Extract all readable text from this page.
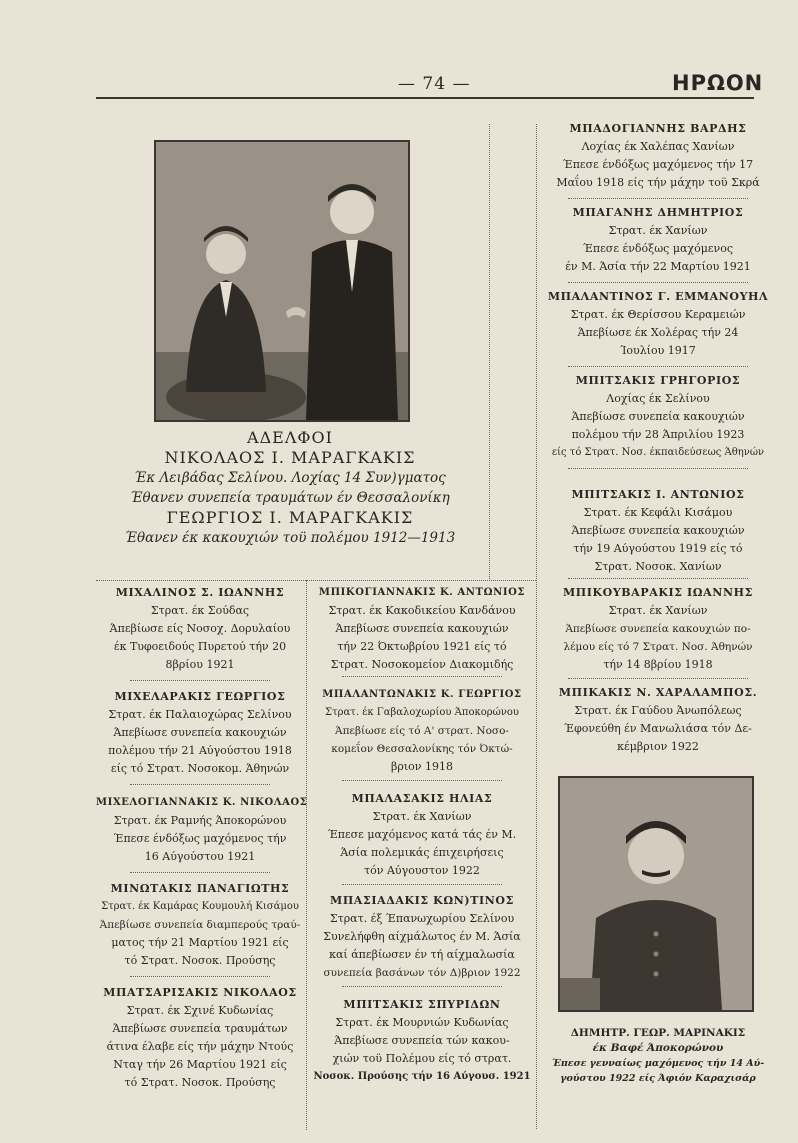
— 74 —	ΗΡΩΟΝ
ΑΔΕΛΦΟΙ
ΝΙΚΟΛΑΟΣ Ι. ΜΑΡΑΓΚΑΚΙΣ
Έκ Λειβάδας Σελίνου. Λοχίας 14 Συν)γματος
Έθανεν συνεπεία τραυμάτων έν Θεσσαλονίκη
ΓΕΩΡΓΙΟΣ Ι. ΜΑΡΑΓΚΑΚΙΣ
Έθανεν έκ κακουχιών τοϋ πολέμου 1912—1913
ΜΠΑΔΟΓΙΑΝΝΗΣ ΒΑΡΔΗΣ
Λοχίας έκ Χαλέπας Χανίων
Έπεσε ένδόξως μαχόμενος τήν 17
Μαΐου 1918 είς τήν μάχην τοϋ Σκρά
ΜΠΑΓΑΝΗΣ ΔΗΜΗΤΡΙΟΣ
Στρατ. έκ Χανίων
Έπεσε ένδόξως μαχόμενος
έν Μ. Άσία τήν 22 Μαρτίου 1921
ΜΠΑΛΑΝΤΙΝΟΣ Γ. ΕΜΜΑΝΟΥΗΛ
Στρατ. έκ Θερίσσου Κεραμειών
Άπεβίωσε έκ Χολέρας τήν 24
Ίουλίου 1917
ΜΠΙΤΣΑΚΙΣ ΓΡΗΓΟΡΙΟΣ
Λοχίας έκ Σελίνου
Άπεβίωσε συνεπεία κακουχιών
πολέμου τήν 28 Άπριλίου 1923
είς τό Στρατ. Νοσ. έκπαιδεύσεως Άθηνών
ΜΠΙΤΣΑΚΙΣ Ι. ΑΝΤΩΝΙΟΣ
Στρατ. έκ Κεφάλι Κισάμου
Άπεβίωσε συνεπεία κακουχιών
τήν 19 Αύγούστου 1919 είς τό
Στρατ. Νοσοκ. Χανίων
ΜΠΙΚΟΥΒΑΡΑΚΙΣ ΙΩΑΝΝΗΣ
Στρατ. έκ Χανίων
Άπεβίωσε συνεπεία κακουχιών πο-
λέμου είς τό 7 Στρατ. Νοσ. Άθηνών
τήν 14 8βρίου 1918
ΜΠΙΚΑΚΙΣ Ν. ΧΑΡΑΛΑΜΠΟΣ.
Στρατ. έκ Γαύδου Άνωπόλεως
Έφονεύθη έν Μανωλιάσα τόν Δε-
κέμβριον 1922
ΔΗΜΗΤΡ. ΓΕΩΡ. ΜΑΡΙΝΑΚΙΣ
έκ Βαφέ Άποκορώνου
Έπεσε γενναίως μαχόμενος τήν 14 Αύ-
γούστου 1922 είς Άφιόν Καραχισάρ
ΜΙΧΑΛΙΝΟΣ Σ. ΙΩΑΝΝΗΣ
Στρατ. έκ Σούδας
Άπεβίωσε είς Νοσοχ. Δορυλαίου
έκ Τυφοειδούς Πυρετού τήν 20
8βρίου 1921
ΜΙΧΕΛΑΡΑΚΙΣ ΓΕΩΡΓΙΟΣ
Στρατ. έκ Παλαιοχώρας Σελίνου
Άπεβίωσε συνεπεία κακουχιών
πολέμου τήν 21 Αύγούστου 1918
είς τό Στρατ. Νοσοκομ. Άθηνών
ΜΙΧΕΛΟΓΙΑΝΝΑΚΙΣ Κ. ΝΙΚΟΛΑΟΣ
Στρατ. έκ Ραμνής Άποκορώνου
Έπεσε ένδόξως μαχόμενος τήν
16 Αύγούστου 1921
ΜΙΝΩΤΑΚΙΣ ΠΑΝΑΓΙΩΤΗΣ
Στρατ. έκ Καμάρας Κουμουλή Κισάμου
Άπεβίωσε συνεπεία διαμπερούς τραύ-
ματος τήν 21 Μαρτίου 1921 είς
τό Στρατ. Νοσοκ. Προύσης
ΜΠΑΤΣΑΡΙΣΑΚΙΣ ΝΙΚΟΛΑΟΣ
Στρατ. έκ Σχινέ Κυδωνίας
Άπεβίωσε συνεπεία τραυμάτων
άτινα έλαβε είς τήν μάχην Ντούς
Νταγ τήν 26 Μαρτίου 1921 είς
τό Στρατ. Νοσοκ. Προύσης
ΜΠΙΚΟΓΙΑΝΝΑΚΙΣ Κ. ΑΝΤΩΝΙΟΣ
Στρατ. έκ Κακοδικείου Κανδάνου
Άπεβίωσε συνεπεία κακουχιών
τήν 22 Όκτωβρίου 1921 είς τό
Στρατ. Νοσοκομείον Διακομιδής
ΜΠΑΛΑΝΤΩΝΑΚΙΣ Κ. ΓΕΩΡΓΙΟΣ
Στρατ. έκ Γαβαλοχωρίου Άποκορώνου
Άπεβίωσε είς τό Α' στρατ. Νοσο-
κομεΐον Θεσσαλονίκης τόν Όκτώ-
βριον 1918
ΜΠΑΛΑΣΑΚΙΣ ΗΛΙΑΣ
Στρατ. έκ Χανίων
Έπεσε μαχόμενος κατά τάς έν Μ.
Άσία πολεμικάς έπιχειρήσεις
τόν Αύγουστον 1922
ΜΠΑΣΙΑΔΑΚΙΣ ΚΩΝ)ΤΙΝΟΣ
Στρατ. έξ Έπανωχωρίου Σελίνου
Συνελήφθη αίχμάλωτος έν Μ. Άσία
καί άπεβίωσεν έν τή αίχμαλωσία
συνεπεία βασάνων τόν Δ)βριον 1922
ΜΠΙΤΣΑΚΙΣ ΣΠΥΡΙΔΩΝ
Στρατ. έκ Μουρνιών Κυδωνίας
Άπεβίωσε συνεπεία τών κακου-
χιών τοϋ Πολέμου είς τό στρατ.
Νοσοκ. Προύσης τήν 16 Αύγουσ. 1921
